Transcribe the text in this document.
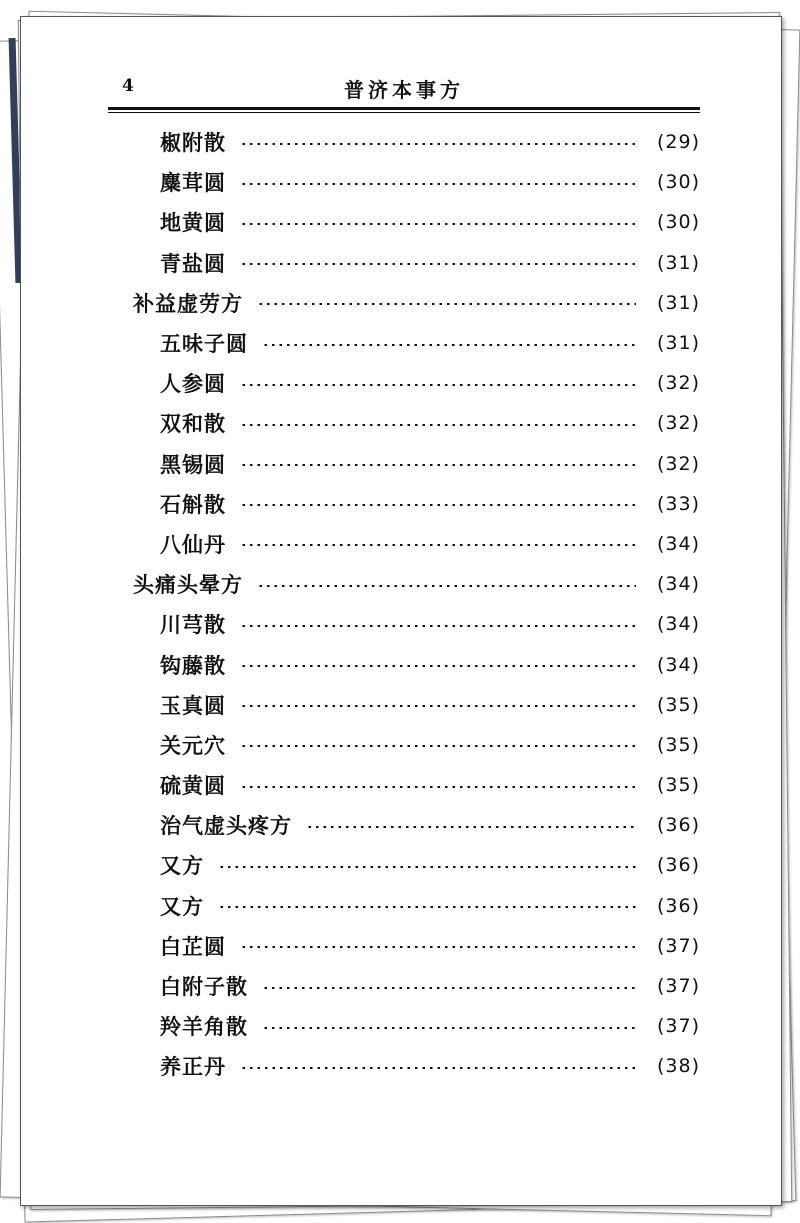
4	普济本事方
椒附散	(29)
麋茸圆	(30)
地黄圆	(30)
青盐圆	(31)
补益虚劳方	(31)
五味子圆	(31)
人参圆	(32)
双和散	(32)
黑锡圆	(32)
石斛散	(33)
八仙丹	(34)
头痛头晕方	(34)
川芎散	(34)
钩藤散	(34)
玉真圆	(35)
关元穴	(35)
硫黄圆	(35)
治气虚头疼方	(36)
又方	(36)
又方	(36)
白芷圆	(37)
白附子散	(37)
羚羊角散	(37)
养正丹	(38)
